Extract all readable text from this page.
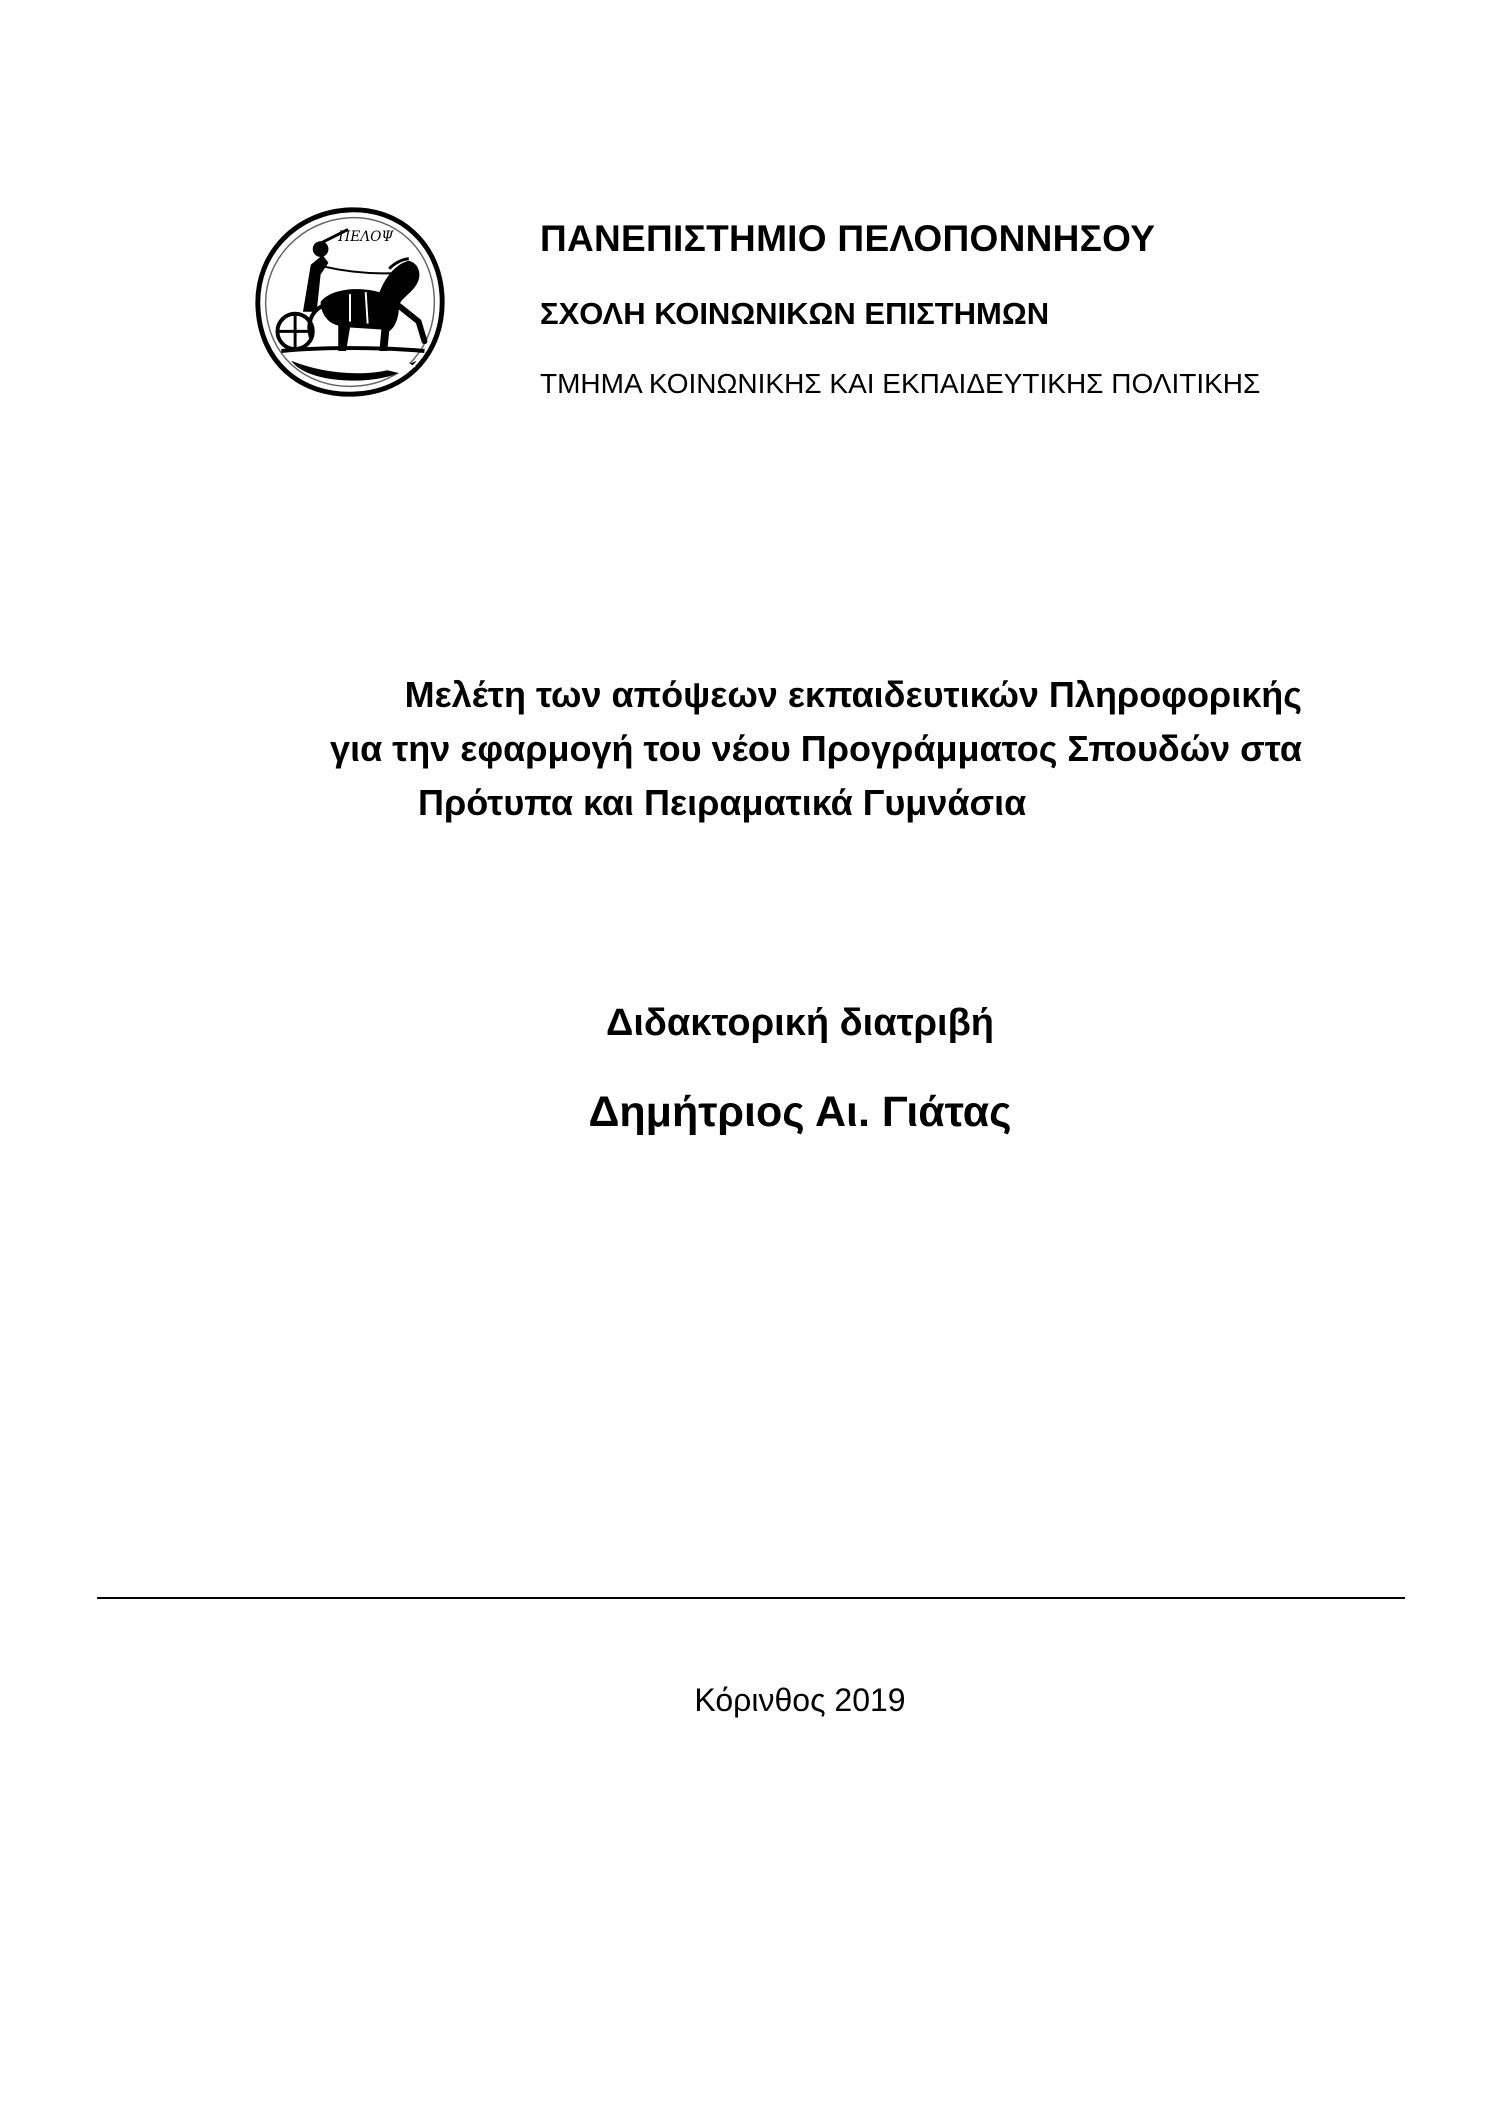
ΠΕΛΟΨ	ΠΑΝΕΠΙΣΤΗΜΙΟ ΠΕΛΟΠΟΝΝΗΣΟΥ
ΣΧΟΛΗ ΚΟΙΝΩΝΙΚΩΝ ΕΠΙΣΤΗΜΩΝ
ΤΜΗΜΑ ΚΟΙΝΩΝΙΚΗΣ ΚΑΙ ΕΚΠΑΙΔΕΥΤΙΚΗΣ ΠΟΛΙΤΙΚΗΣ
Μελέτη των απόψεων εκπαιδευτικών Πληροφορικής
για την εφαρμογή του νέου Προγράμματος Σπουδών στα
Πρότυπα και Πειραματικά Γυμνάσια
Διδακτορική διατριβή
Δημήτριος Αι. Γιάτας
Κόρινθος 2019
